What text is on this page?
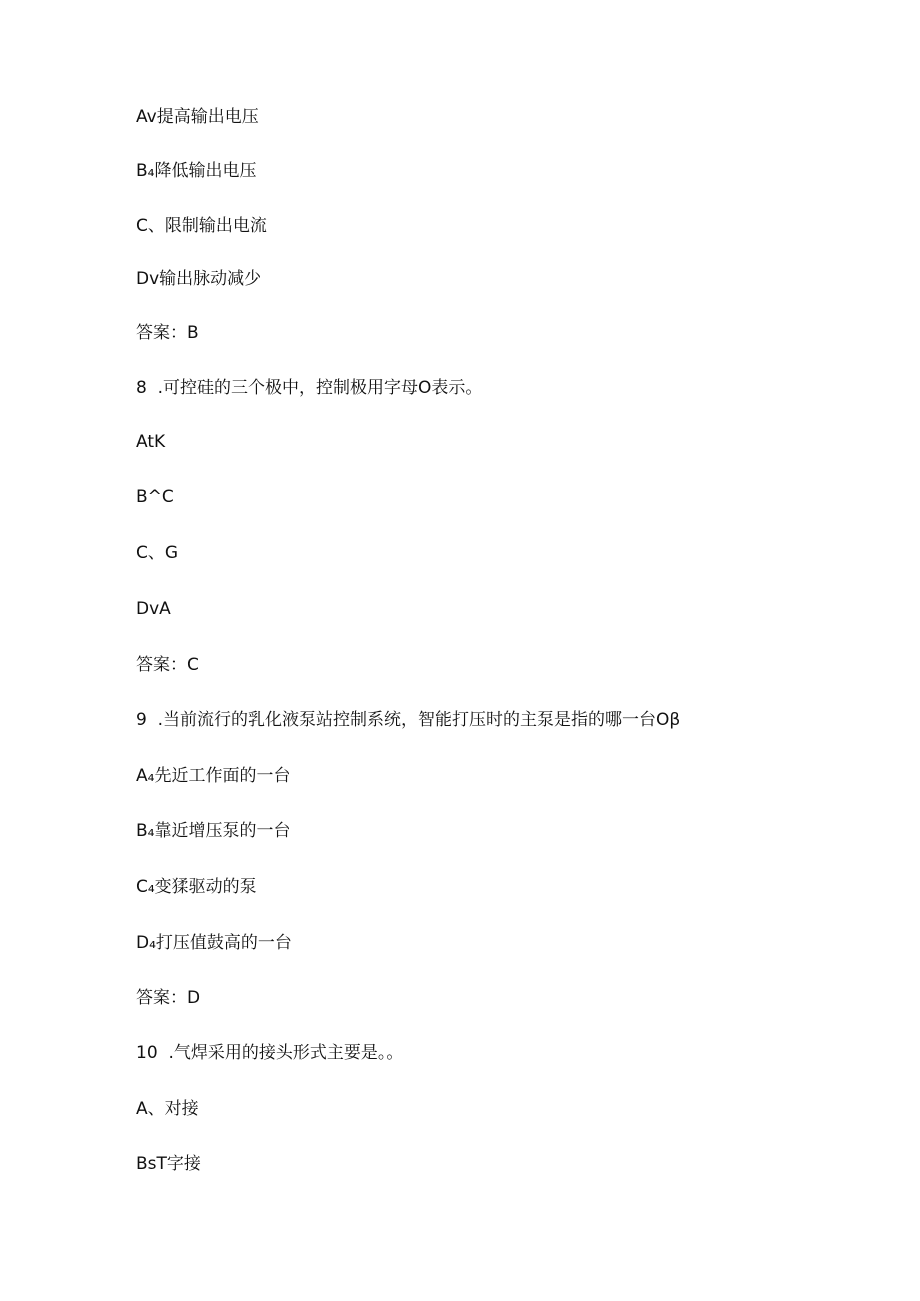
Av提高输出电压
B₄降低输出电压
C、限制输出电流
Dv输出脉动减少
答案：B
8	.可控硅的三个极中，控制极用字母O表示。
AtK
B^C
C、G
DvA
答案：C
9	.当前流行的乳化液泵站控制系统，智能打压时的主泵是指的哪一台Oβ
A₄先近工作面的一台
B₄靠近增压泵的一台
C₄变猱驱动的泵
D₄打压值鼓高的一台
答案：D
10	.气焊采用的接头形式主要是。。
A、对接
BsT字接
